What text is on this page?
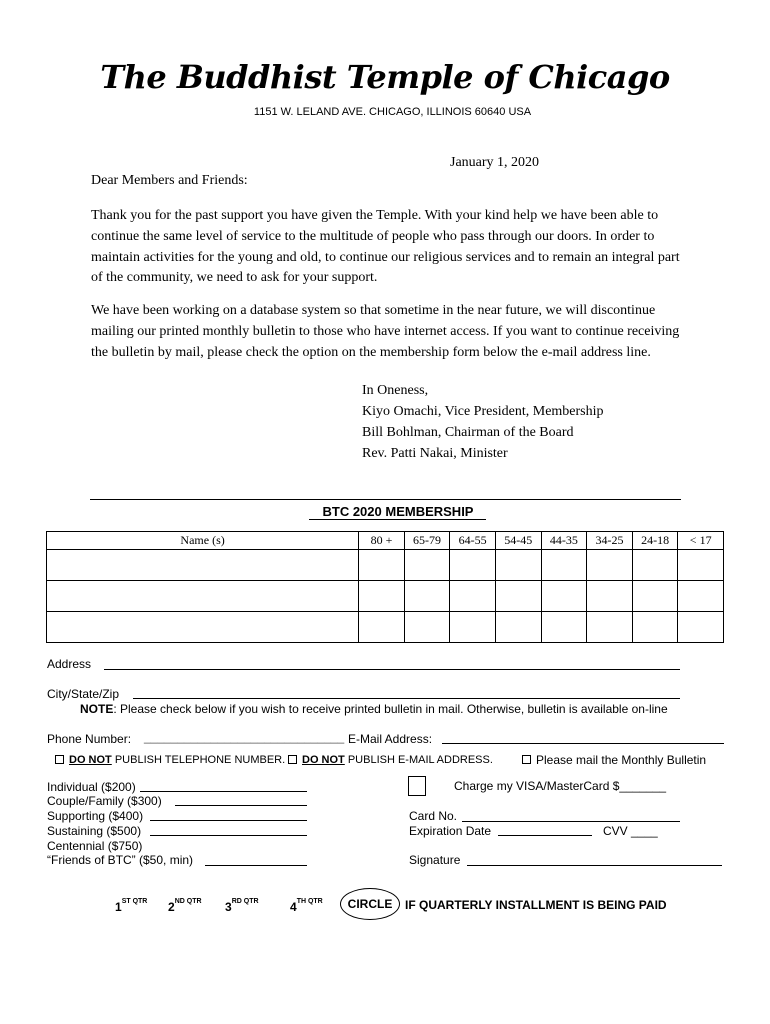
The Buddhist Temple of Chicago
1151 W. LELAND AVE. CHICAGO, ILLINOIS 60640 USA
January 1, 2020
Dear Members and Friends:
Thank you for the past support you have given the Temple. With your kind help we have been able to continue the same level of service to the multitude of people who pass through our doors. In order to maintain activities for the young and old, to continue our religious services and to remain an integral part of the community, we need to ask for your support.
We have been working on a database system so that sometime in the near future, we will discontinue mailing our printed monthly bulletin to those who have internet access. If you want to continue receiving the bulletin by mail, please check the option on the membership form below the e-mail address line.
In Oneness,
Kiyo Omachi, Vice President, Membership
Bill Bohlman, Chairman of the Board
Rev. Patti Nakai, Minister
BTC 2020 MEMBERSHIP
Name (s)	80 +	65-79	64-55	54-45	44-35	34-25	24-18	< 17

Address
City/State/Zip
NOTE: Please check below if you wish to receive printed bulletin in mail. Otherwise, bulletin is available on-line
Phone Number: ______________________________ E-Mail Address:
DO NOT PUBLISH TELEPHONE NUMBER.	DO NOT PUBLISH E-MAIL ADDRESS.	Please mail the Monthly Bulletin
Individual ($200)
Couple/Family ($300)
Supporting ($400)
Sustaining ($500)
Centennial ($750)
“Friends of BTC” ($50, min)
Charge my VISA/MasterCard $_______
Card No.
Expiration Date	CVV ____
Signature
$1^{ST QTR}$ $2^{ND QTR}$ $3^{RD QTR}$	$4^{TH QTR}$	CIRCLE	IF QUARTERLY INSTALLMENT IS BEING PAID
